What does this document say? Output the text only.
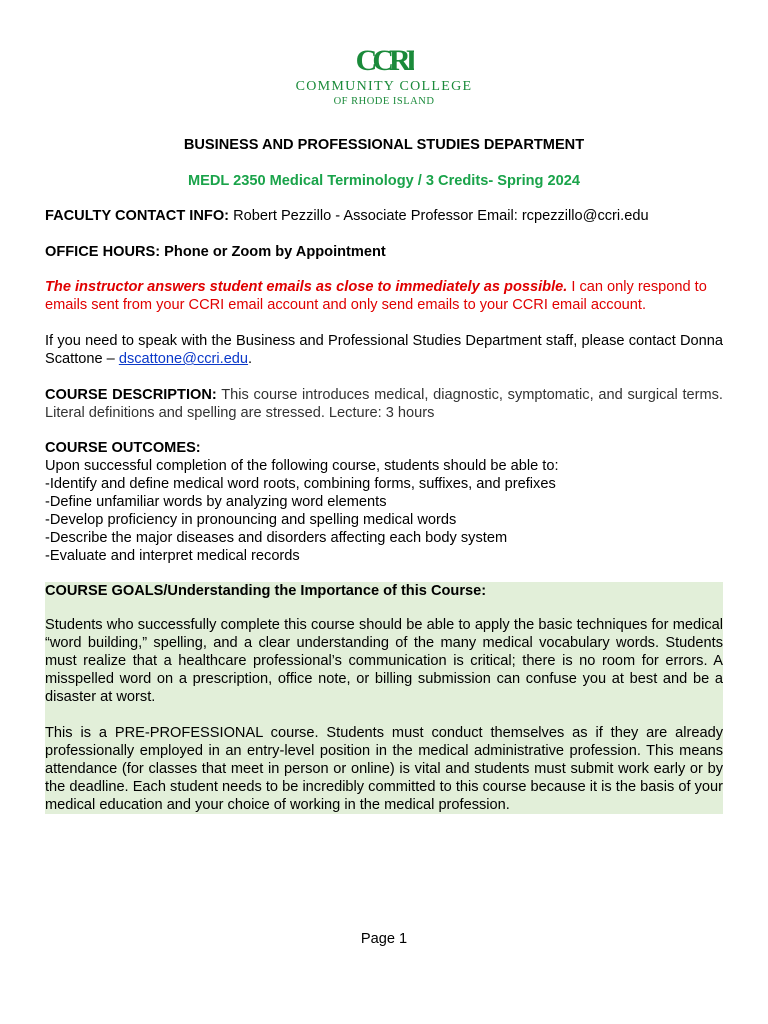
CCRI
COMMUNITY COLLEGE
OF RHODE ISLAND
BUSINESS AND PROFESSIONAL STUDIES DEPARTMENT
MEDL 2350 Medical Terminology / 3 Credits- Spring 2024
FACULTY CONTACT INFO: Robert Pezzillo - Associate Professor Email: rcpezzillo@ccri.edu
OFFICE HOURS: Phone or Zoom by Appointment
The instructor answers student emails as close to immediately as possible. I can only respond to emails sent from your CCRI email account and only send emails to your CCRI email account.
If you need to speak with the Business and Professional Studies Department staff, please contact Donna Scattone – dscattone@ccri.edu.
COURSE DESCRIPTION: This course introduces medical, diagnostic, symptomatic, and surgical terms. Literal definitions and spelling are stressed. Lecture: 3 hours
COURSE OUTCOMES:
Upon successful completion of the following course, students should be able to:
-Identify and define medical word roots, combining forms, suffixes, and prefixes
-Define unfamiliar words by analyzing word elements
-Develop proficiency in pronouncing and spelling medical words
-Describe the major diseases and disorders affecting each body system
-Evaluate and interpret medical records
COURSE GOALS/Understanding the Importance of this Course:
Students who successfully complete this course should be able to apply the basic techniques for medical “word building,” spelling, and a clear understanding of the many medical vocabulary words. Students must realize that a healthcare professional’s communication is critical; there is no room for errors. A misspelled word on a prescription, office note, or billing submission can confuse you at best and be a disaster at worst.
This is a PRE-PROFESSIONAL course. Students must conduct themselves as if they are already professionally employed in an entry-level position in the medical administrative profession. This means attendance (for classes that meet in person or online) is vital and students must submit work early or by the deadline. Each student needs to be incredibly committed to this course because it is the basis of your medical education and your choice of working in the medical profession.
Page 1
